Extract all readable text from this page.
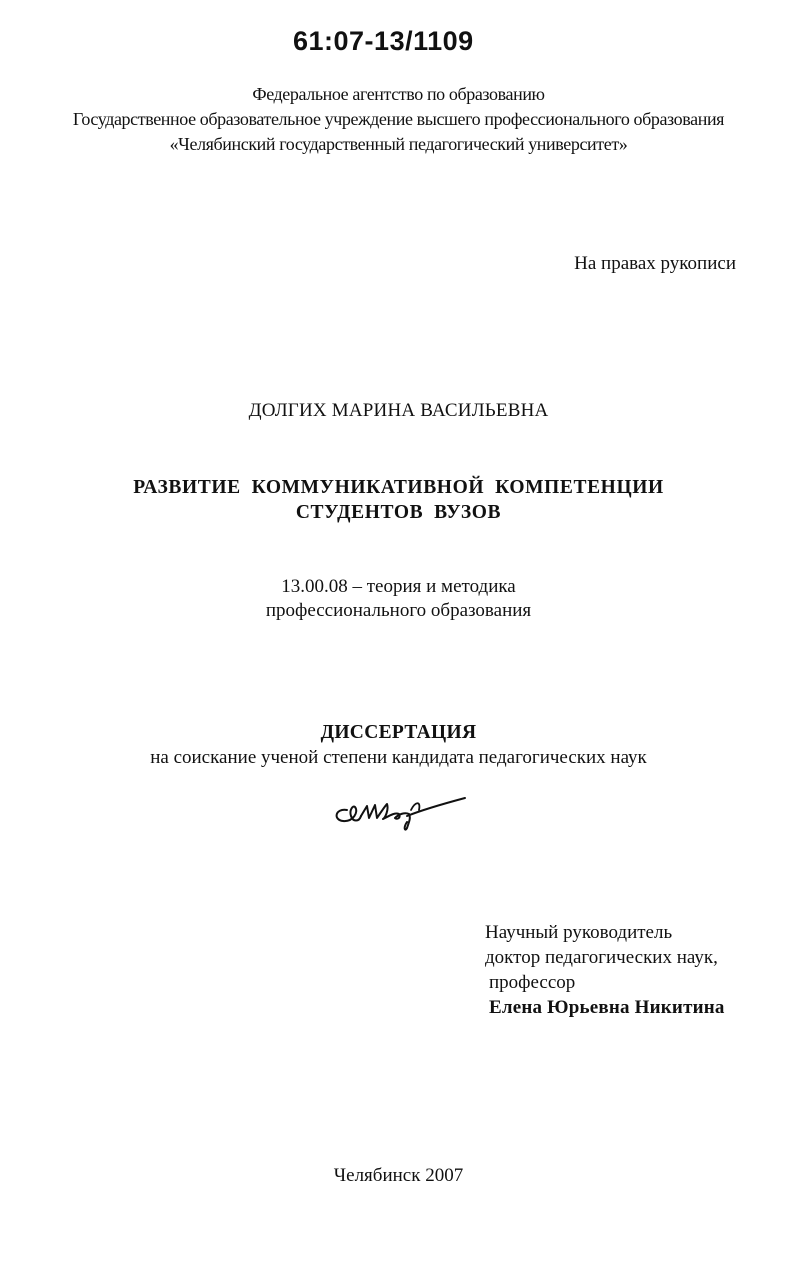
61:07-13/1109
Федеральное агентство по образованию
Государственное образовательное учреждение высшего профессионального образования
«Челябинский государственный педагогический университет»
На правах рукописи
ДОЛГИХ МАРИНА ВАСИЛЬЕВНА
РАЗВИТИЕ  КОММУНИКАТИВНОЙ  КОМПЕТЕНЦИИ
СТУДЕНТОВ  ВУЗОВ
13.00.08 – теория и методика
профессионального образования
ДИССЕРТАЦИЯ
на соискание ученой степени кандидата педагогических наук
Научный руководитель
доктор педагогических наук,
профессор
Елена Юрьевна Никитина
Челябинск 2007
